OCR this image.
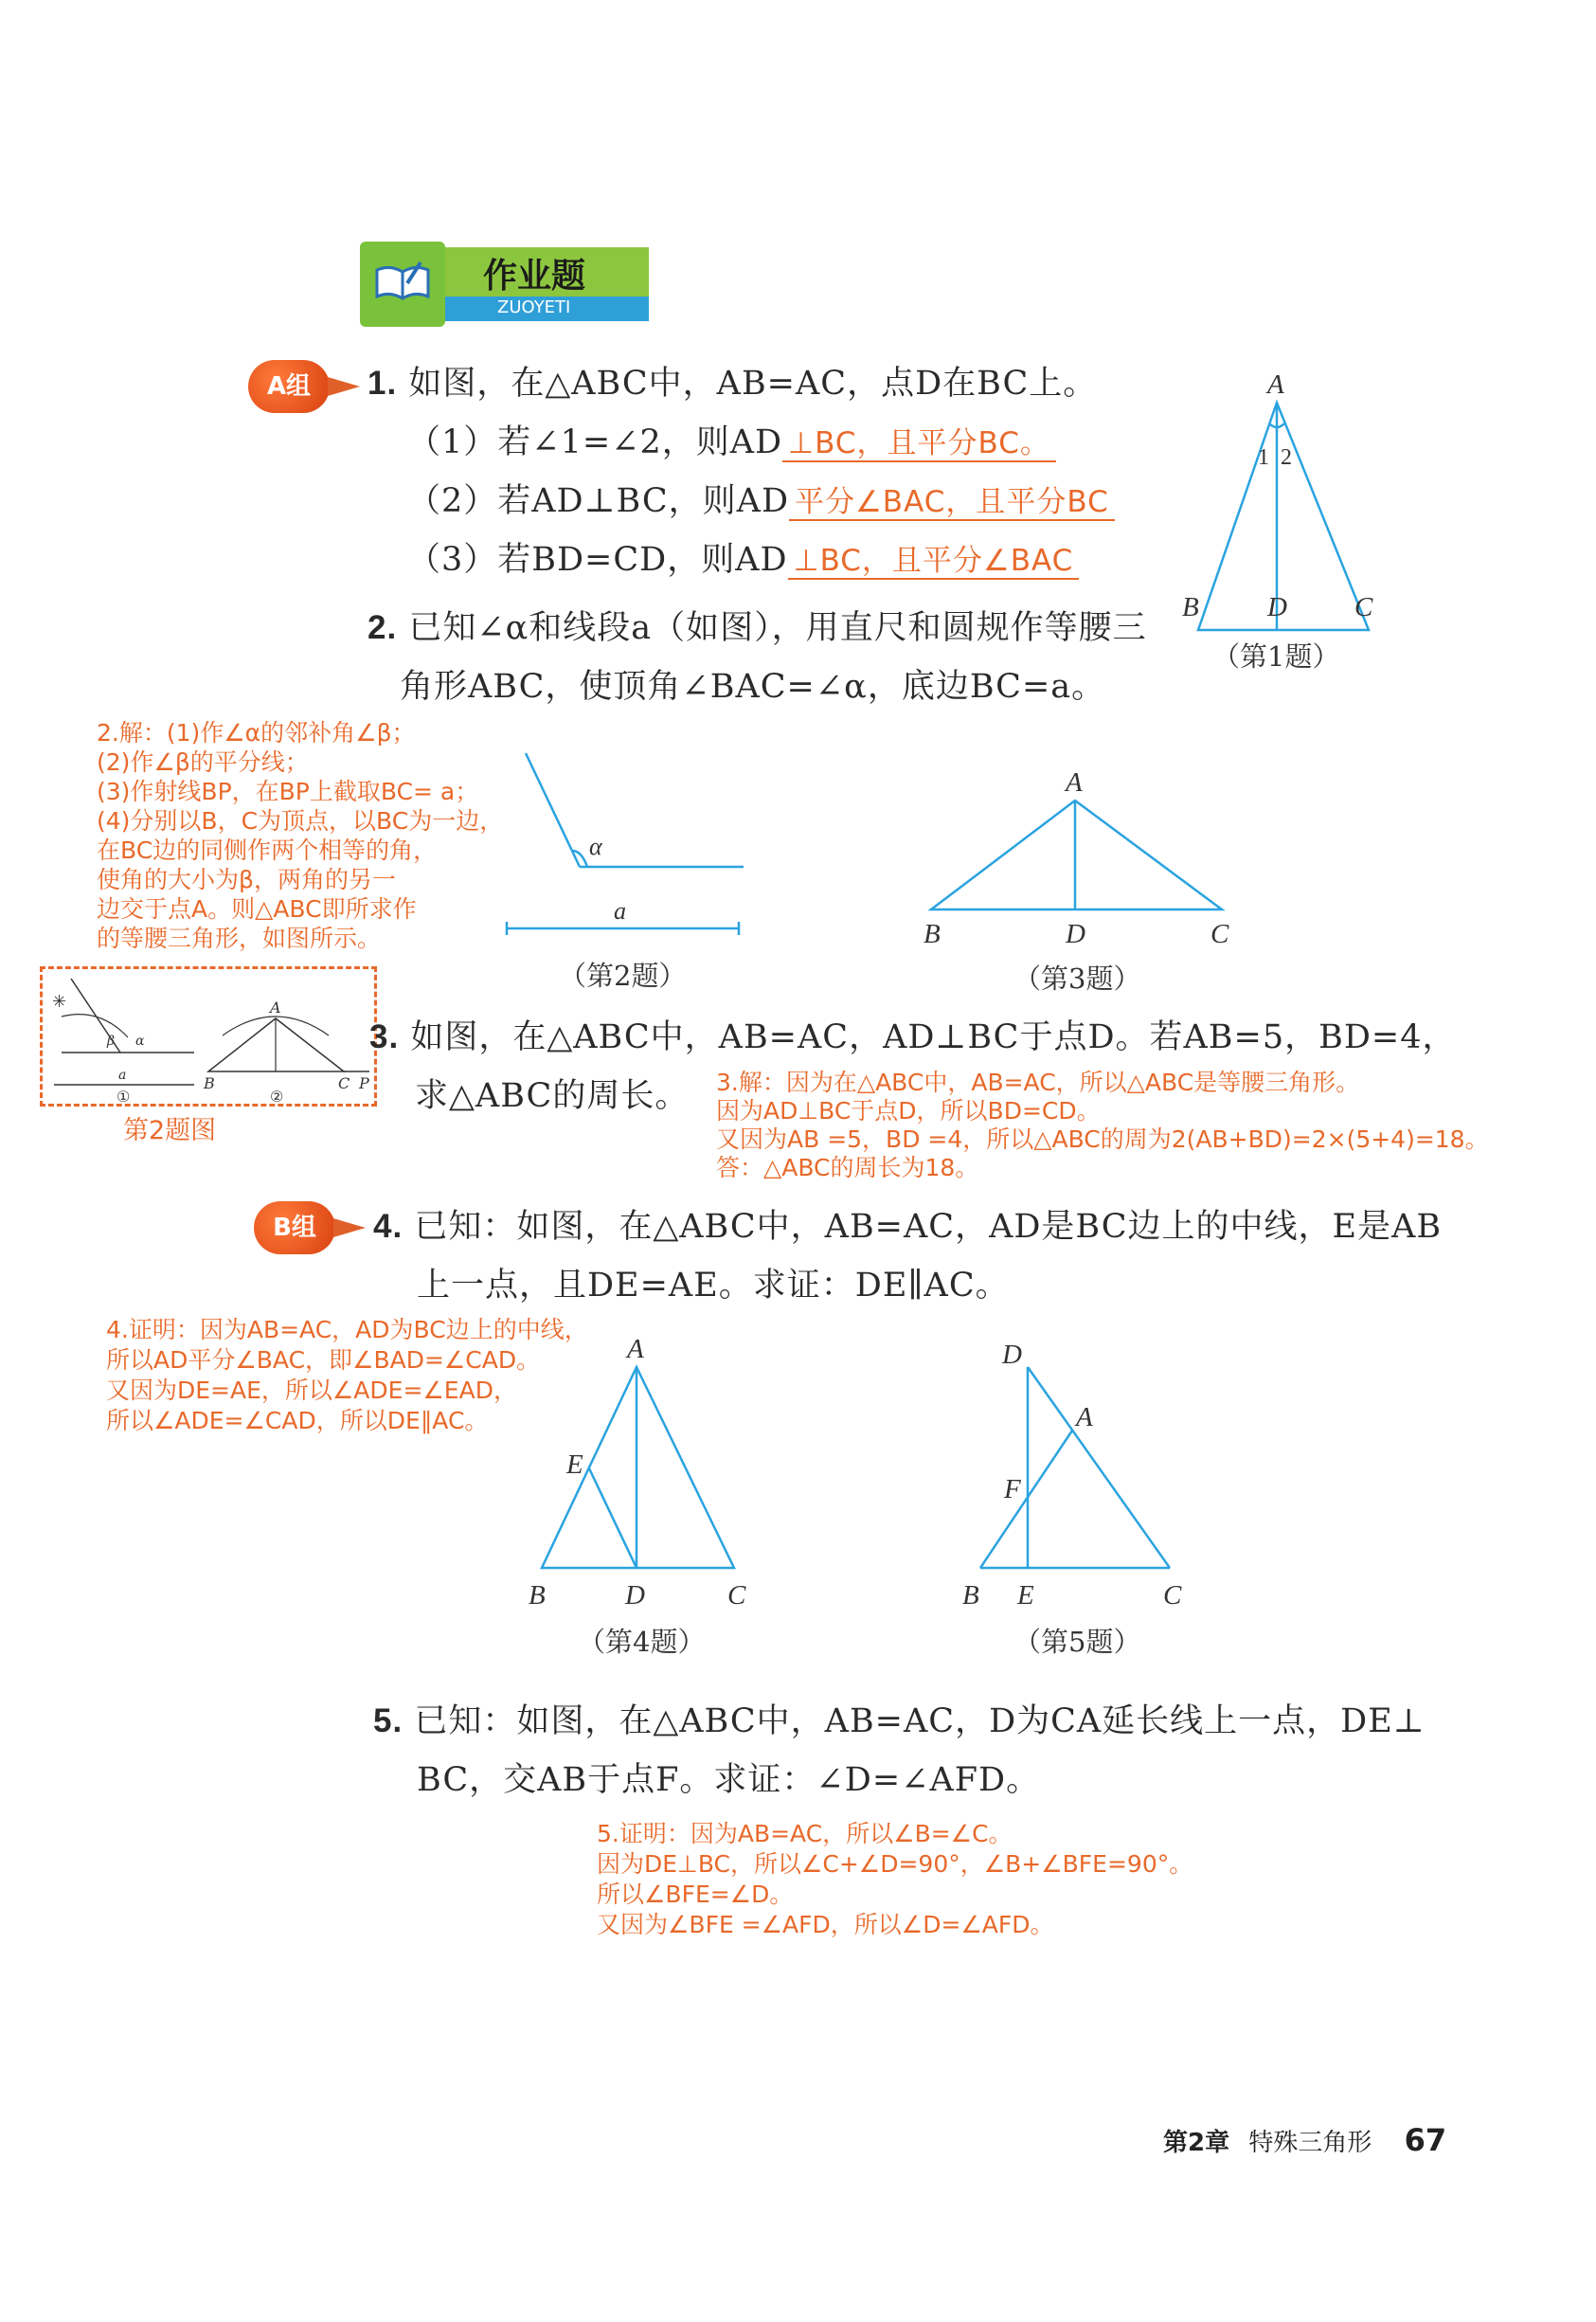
作业题
ZUOYETI
A组	1. 如图，在△ABC中，AB=AC，点D在BC上。
（1）若∠1=∠2，则AD ⊥BC，且平分BC。
（2）若AD⊥BC，则AD 平分∠BAC，且平分BC
（3）若BD=CD，则AD ⊥BC，且平分∠BAC
A
1 2
B D C
（第1题）
2. 已知∠α和线段a（如图），用直尺和圆规作等腰三
角形ABC，使顶角∠BAC=∠α，底边BC=a。
2.解：(1)作∠α的邻补角∠β；
(2)作∠β的平分线；
(3)作射线BP，在BP上截取BC= a；
(4)分别以B，C为顶点，以BC为一边，
在BC边的同侧作两个相等的角，
使角的大小为β，两角的另一
边交于点A。则△ABC即所求作
的等腰三角形，如图所示。
α
a
（第2题）
A
B	D	C
（第3题）
✳
β α
a
①
A
B	C P
②
第2题图
3. 如图，在△ABC中，AB=AC，AD⊥BC于点D。若AB=5，BD=4，
求△ABC的周长。 3.解：因为在△ABC中，AB=AC，所以△ABC是等腰三角形。
因为AD⊥BC于点D，所以BD=CD。
又因为AB =5，BD =4，所以△ABC的周为2(AB+BD)=2×(5+4)=18。
答：△ABC的周长为18。
B组	4. 已知：如图，在△ABC中，AB=AC，AD是BC边上的中线，E是AB
上一点，且DE=AE。求证：DE∥AC。
4.证明：因为AB=AC，AD为BC边上的中线，
所以AD平分∠BAC，即∠BAD=∠CAD。
又因为DE=AE，所以∠ADE=∠EAD，
所以∠ADE=∠CAD，所以DE∥AC。
A
E
B	D	C
（第4题）
D
A
F
B E	C
（第5题）
5. 已知：如图，在△ABC中，AB=AC，D为CA延长线上一点，DE⊥
BC，交AB于点F。求证：∠D=∠AFD。
5.证明：因为AB=AC，所以∠B=∠C。
因为DE⊥BC，所以∠C+∠D=90°，∠B+∠BFE=90°。
所以∠BFE=∠D。
又因为∠BFE =∠AFD，所以∠D=∠AFD。
第2章 特殊三角形 67
